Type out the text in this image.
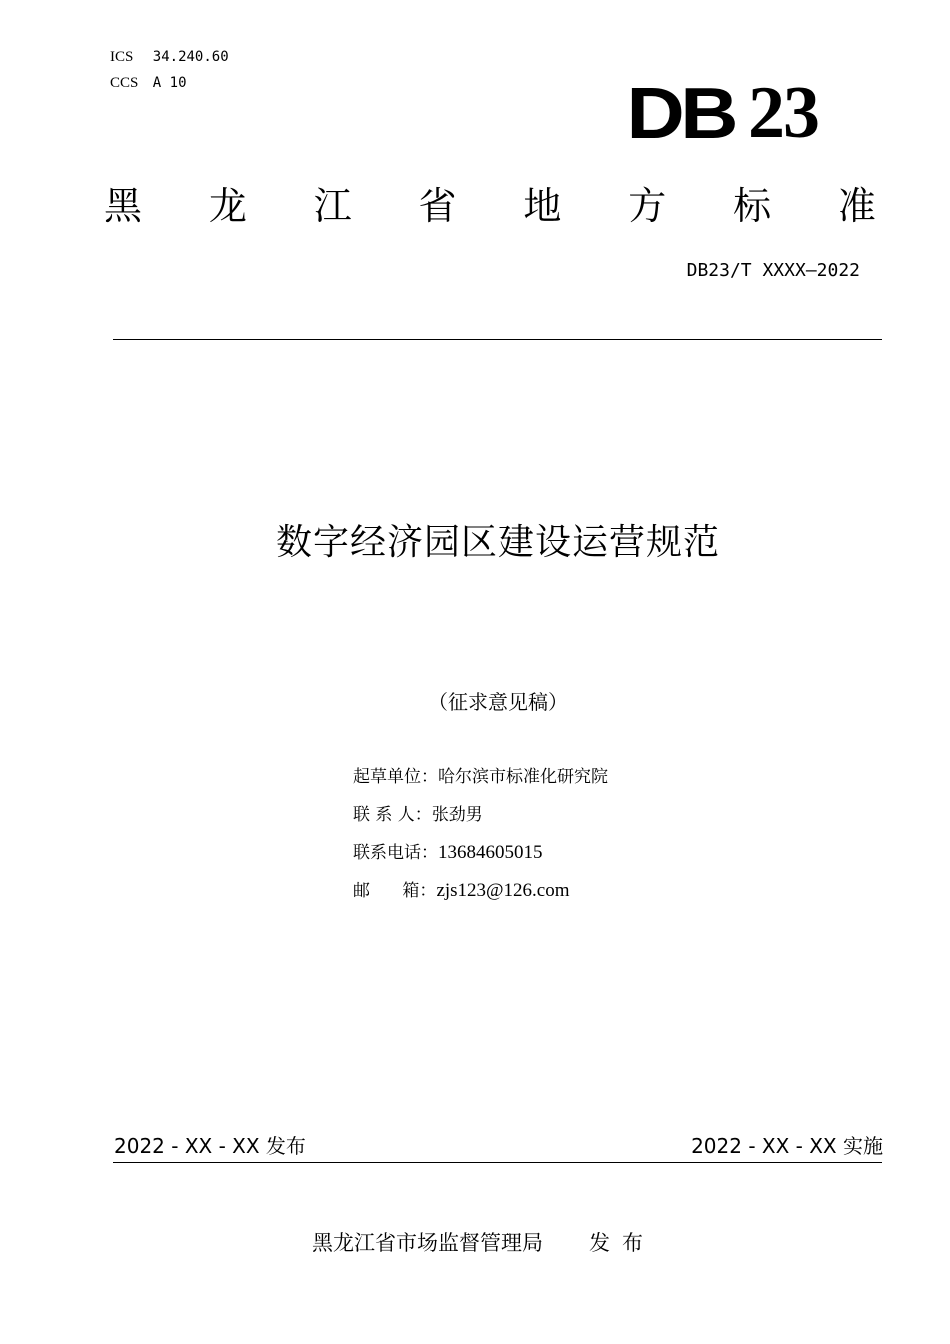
ICS 34.240.60
CCS A 10	DB 23
黑 龙 江 省 地 方 标 准
DB23/T XXXX—2022
数字经济园区建设运营规范
（征求意见稿）
起草单位：哈尔滨市标准化研究院
联 系 人：张劲男
联系电话：13684605015
邮      箱：zjs123@126.com
2022 - XX - XX 发布	2022 - XX - XX 实施
黑龙江省市场监督管理局 发布
